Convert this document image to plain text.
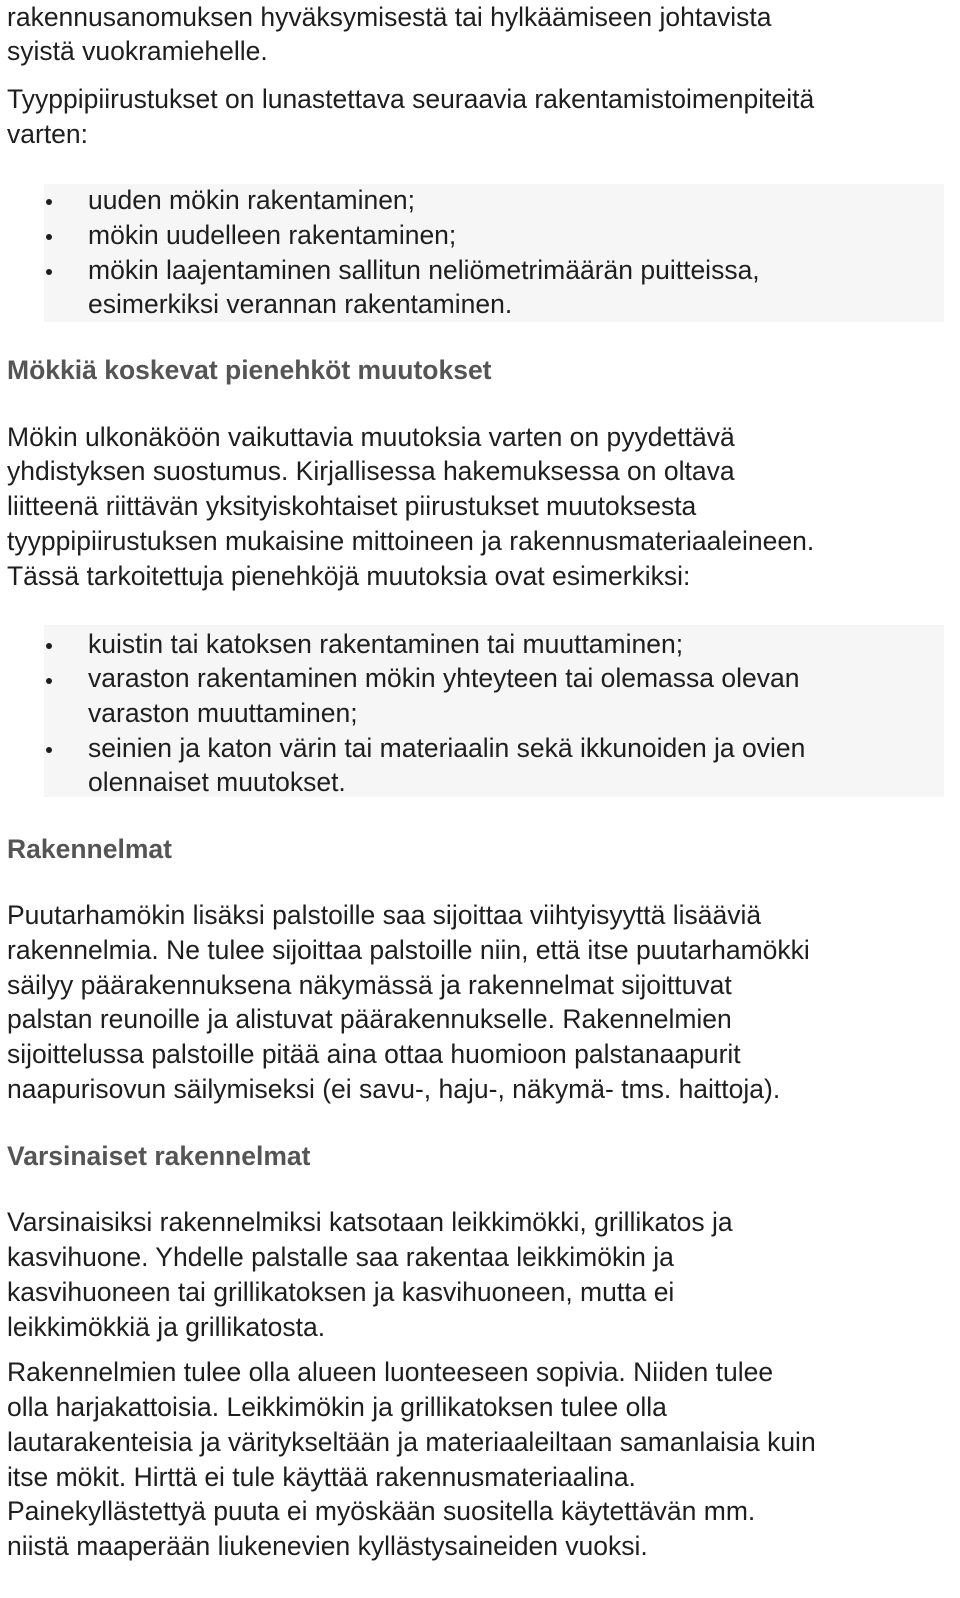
rakennusanomuksen hyväksymisestä tai hylkäämiseen johtavista

syistä vuokramiehelle.

Tyyppipiirustukset on lunastettava seuraavia rakentamistoimenpiteitä

varten:

uuden mökin rakentaminen;

mökin uudelleen rakentaminen;

mökin laajentaminen sallitun neliömetrimäärän puitteissa,

esimerkiksi verannan rakentaminen.

Mökkiä koskevat pienehköt muutokset

Mökin ulkonäköön vaikuttavia muutoksia varten on pyydettävä

yhdistyksen suostumus. Kirjallisessa hakemuksessa on oltava

liitteenä riittävän yksityiskohtaiset piirustukset muutoksesta

tyyppipiirustuksen mukaisine mittoineen ja rakennusmateriaaleineen.

Tässä tarkoitettuja pienehköjä muutoksia ovat esimerkiksi:

kuistin tai katoksen rakentaminen tai muuttaminen;

varaston rakentaminen mökin yhteyteen tai olemassa olevan

varaston muuttaminen;

seinien ja katon värin tai materiaalin sekä ikkunoiden ja ovien

olennaiset muutokset.

Rakennelmat

Puutarhamökin lisäksi palstoille saa sijoittaa viihtyisyyttä lisääviä

rakennelmia. Ne tulee sijoittaa palstoille niin, että itse puutarhamökki

säilyy päärakennuksena näkymässä ja rakennelmat sijoittuvat

palstan reunoille ja alistuvat päärakennukselle. Rakennelmien

sijoittelussa palstoille pitää aina ottaa huomioon palstanaapurit

naapurisovun säilymiseksi (ei savu-, haju-, näkymä- tms. haittoja).

Varsinaiset rakennelmat

Varsinaisiksi rakennelmiksi katsotaan leikkimökki, grillikatos ja

kasvihuone. Yhdelle palstalle saa rakentaa leikkimökin ja

kasvihuoneen tai grillikatoksen ja kasvihuoneen, mutta ei

leikkimökkiä ja grillikatosta.

Rakennelmien tulee olla alueen luonteeseen sopivia. Niiden tulee

olla harjakattoisia. Leikkimökin ja grillikatoksen tulee olla

lautarakenteisia ja väritykseltään ja materiaaleiltaan samanlaisia kuin

itse mökit. Hirttä ei tule käyttää rakennusmateriaalina.

Painekyllästettyä puuta ei myöskään suositella käytettävän mm.

niistä maaperään liukenevien kyllästysaineiden vuoksi.
